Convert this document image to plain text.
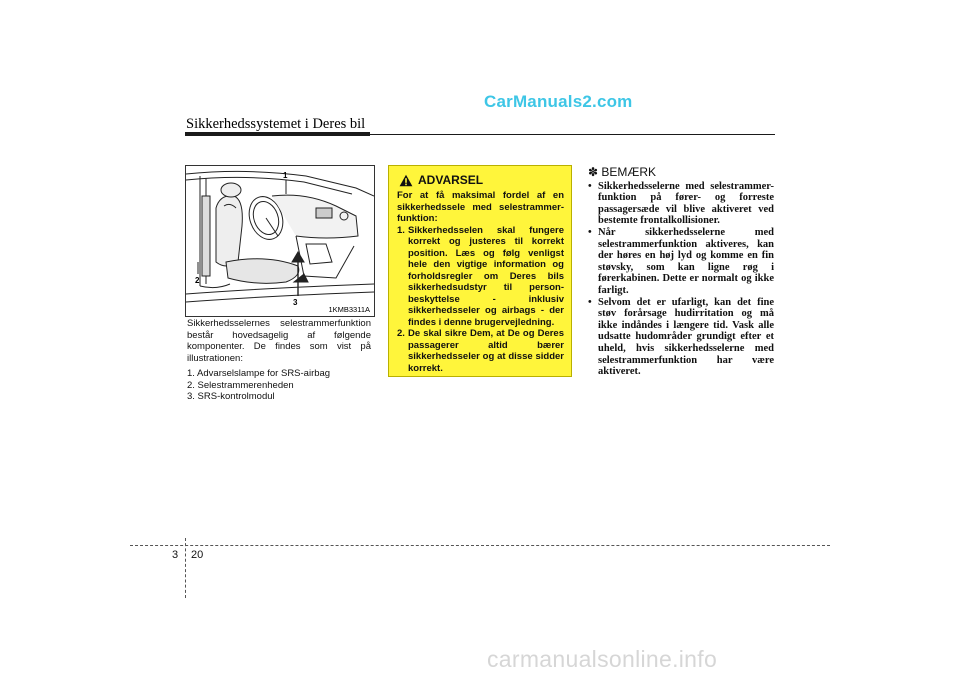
CarManuals2.com
Sikkerhedssystemet i Deres bil
1
2
3
1KMB3311A

Sikkerhedsselernes selestrammerfunktion består hovedsagelig af følgende komponenter. De findes som vist på illustrationen:

1. Advarselslampe for SRS-airbag

2. Selestrammerenheden

3. SRS-kontrolmodul

ADVARSEL

For at få maksimal fordel af en sikkerhedssele med selestrammer-funktion:

1. Sikkerhedsselen skal fungere korrekt og justeres til korrekt position. Læs og følg venligst hele den vigtige information og forholdsregler om Deres bils sikkerhedsudstyr til person-beskyttelse - inklusiv sikkerhedsseler og airbags - der findes i denne brugervejledning.
2. De skal sikre Dem, at De og Deres passagerer altid bærer sikkerhedsseler og at disse sidder korrekt.
✽ BEMÆRK
• Sikkerhedsselerne med selestrammer-funktion på fører- og forreste passagersæde vil blive aktiveret ved bestemte frontalkollisioner.
• Når sikkerhedsselerne med selestrammerfunktion aktiveres, kan der høres en høj lyd og komme en fin støvsky, som kan ligne røg i førerkabinen. Dette er normalt og ikke farligt.
• Selvom det er ufarligt, kan det fine støv forårsage hudirritation og må ikke indåndes i længere tid. Vask alle udsatte hudområder grundigt efter et uheld, hvis sikkerhedsselerne med selestrammerfunktion har være aktiveret.
3 20
carmanualsonline.info
